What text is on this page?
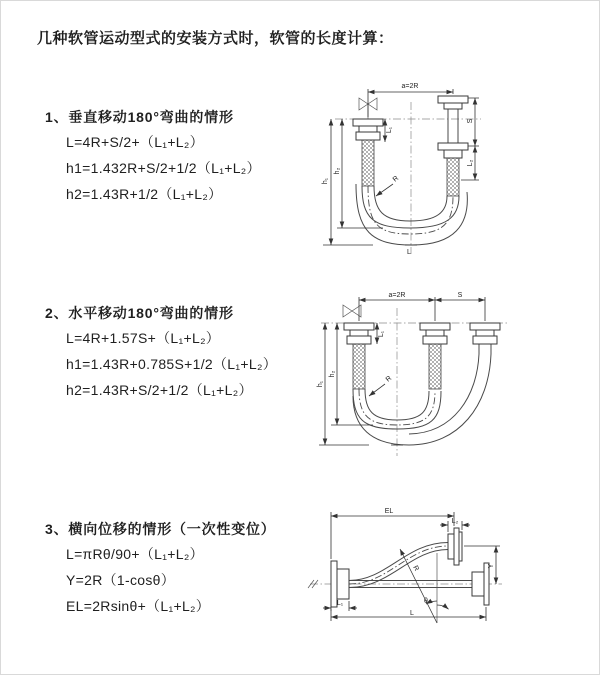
几种软管运动型式的安装方式时，软管的长度计算：
1、垂直移动180°弯曲的情形
L=4R+S/2+（L₁+L₂）
h1=1.432R+S/2+1/2（L₁+L₂）
h2=1.43R+1/2（L₁+L₂）
2、水平移动180°弯曲的情形
L=4R+1.57S+（L₁+L₂）
h1=1.43R+0.785S+1/2（L₁+L₂）
h2=1.43R+S/2+1/2（L₁+L₂）
3、横向位移的情形（一次性变位）
L=πRθ/90+（L₁+L₂）
Y=2R（1-cosθ）
EL=2Rsinθ+（L₁+L₂）
a=2R
h₁
h₂
L₁
S
L₂
R
L
a=2R	S
h₁
h₂
L₁
R
EL
L₂
Y
L
L₁
R
θ
